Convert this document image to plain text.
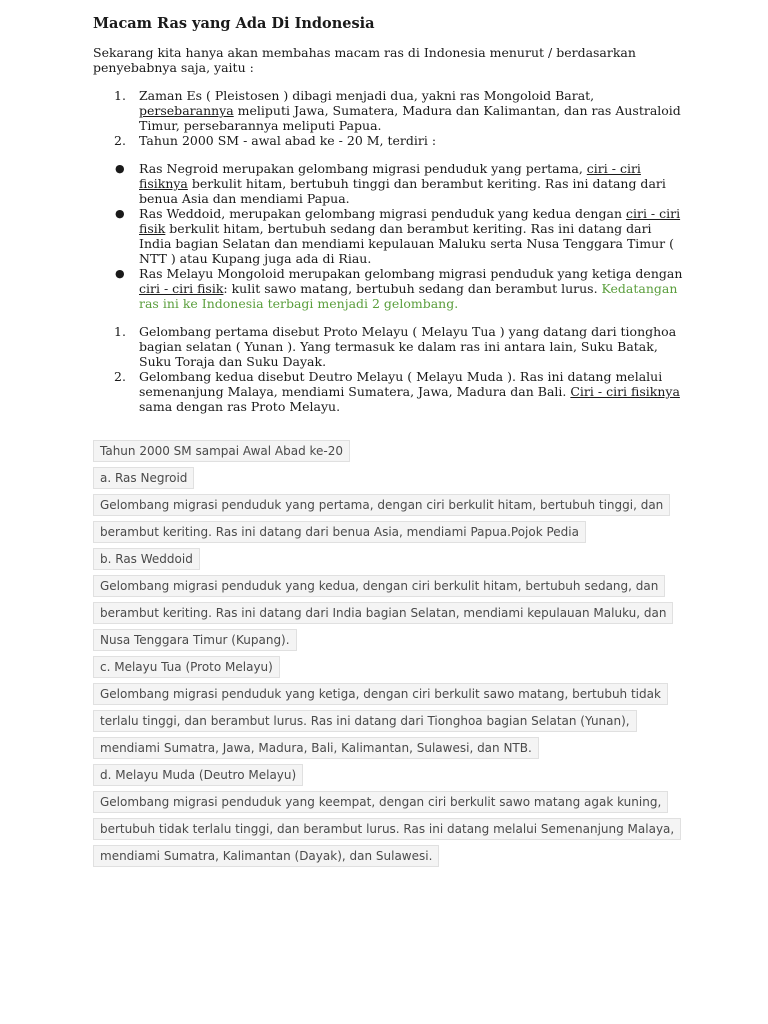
Macam Ras yang Ada Di Indonesia

Sekarang kita hanya akan membahas macam ras di Indonesia menurut / berdasarkan penyebabnya saja, yaitu :

1. Zaman Es ( Pleistosen ) dibagi menjadi dua, yakni ras Mongoloid Barat, persebarannya meliputi Jawa, Sumatera, Madura dan Kalimantan, dan ras Australoid Timur, persebarannya meliputi Papua.
2. Tahun 2000 SM - awal abad ke - 20 M, terdiri :
● Ras Negroid merupakan gelombang migrasi penduduk yang pertama, ciri - ciri fisiknya berkulit hitam, bertubuh tinggi dan berambut keriting. Ras ini datang dari benua Asia dan mendiami Papua.
● Ras Weddoid, merupakan gelombang migrasi penduduk yang kedua dengan ciri - ciri fisik berkulit hitam, bertubuh sedang dan berambut keriting. Ras ini datang dari India bagian Selatan dan mendiami kepulauan Maluku serta Nusa Tenggara Timur ( NTT ) atau Kupang juga ada di Riau.
● Ras Melayu Mongoloid merupakan gelombang migrasi penduduk yang ketiga dengan ciri - ciri fisik: kulit sawo matang, bertubuh sedang dan berambut lurus. Kedatangan ras ini ke Indonesia terbagi menjadi 2 gelombang.
1. Gelombang pertama disebut Proto Melayu ( Melayu Tua ) yang datang dari tionghoa bagian selatan ( Yunan ). Yang termasuk ke dalam ras ini antara lain, Suku Batak, Suku Toraja dan Suku Dayak.
2. Gelombang kedua disebut Deutro Melayu ( Melayu Muda ). Ras ini datang melalui semenanjung Malaya, mendiami Sumatera, Jawa, Madura dan Bali. Ciri - ciri fisiknya sama dengan ras Proto Melayu.
Tahun 2000 SM sampai Awal Abad ke-20
a. Ras Negroid
Gelombang migrasi penduduk yang pertama, dengan ciri berkulit hitam, bertubuh tinggi, dan
berambut keriting. Ras ini datang dari benua Asia, mendiami Papua.Pojok Pedia
b. Ras Weddoid
Gelombang migrasi penduduk yang kedua, dengan ciri berkulit hitam, bertubuh sedang, dan
berambut keriting. Ras ini datang dari India bagian Selatan, mendiami kepulauan Maluku, dan
Nusa Tenggara Timur (Kupang).
c. Melayu Tua (Proto Melayu)
Gelombang migrasi penduduk yang ketiga, dengan ciri berkulit sawo matang, bertubuh tidak
terlalu tinggi, dan berambut lurus. Ras ini datang dari Tionghoa bagian Selatan (Yunan),
mendiami Sumatra, Jawa, Madura, Bali, Kalimantan, Sulawesi, dan NTB.
d. Melayu Muda (Deutro Melayu)
Gelombang migrasi penduduk yang keempat, dengan ciri berkulit sawo matang agak kuning,
bertubuh tidak terlalu tinggi, dan berambut lurus. Ras ini datang melalui Semenanjung Malaya,
mendiami Sumatra, Kalimantan (Dayak), dan Sulawesi.
